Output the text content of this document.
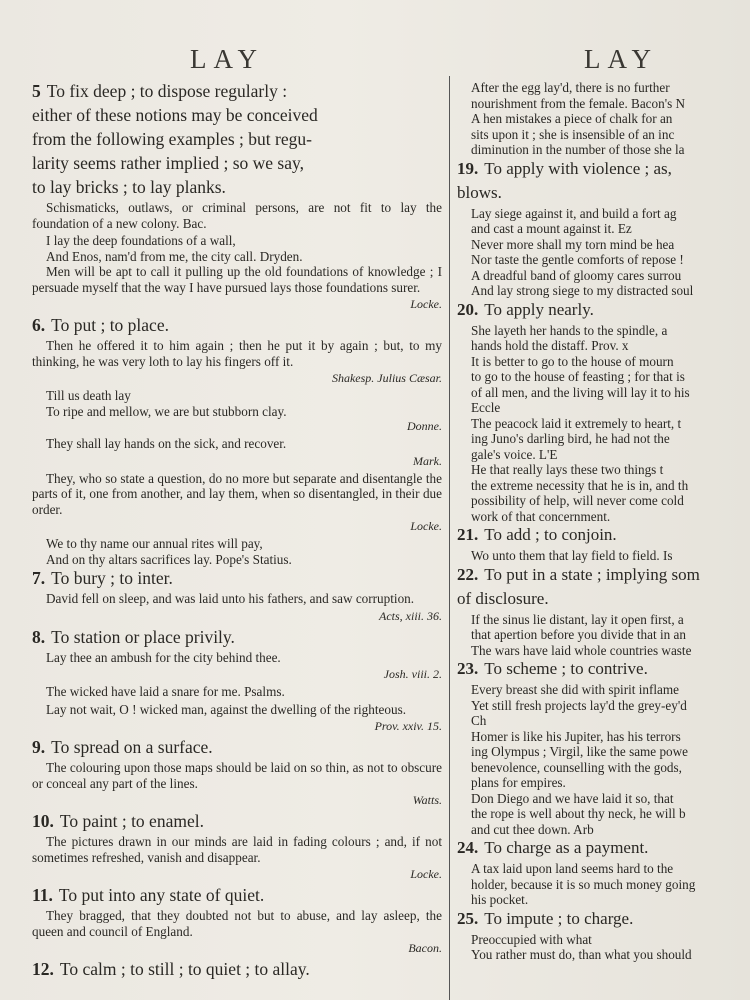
LAY	LAY

5 To fix deep ; to dispose regularly :

either of these notions may be conceived

from the following examples ; but regu-

larity seems rather implied ; so we say,

to lay bricks ; to lay planks.

Schismaticks, outlaws, or criminal persons, are not fit to lay the foundation of a new colony. Bac.

I lay the deep foundations of a wall,

And Enos, nam'd from me, the city call. Dryden.

Men will be apt to call it pulling up the old foundations of knowledge ; I persuade myself that the way I have pursued lays those foundations surer.

Locke.

6. To put ; to place.

Then he offered it to him again ; then he put it by again ; but, to my thinking, he was very loth to lay his fingers off it.

Shakesp. Julius Cæsar.

Till us death lay

To ripe and mellow, we are but stubborn clay.

Donne.

They shall lay hands on the sick, and recover.

Mark.

They, who so state a question, do no more but separate and disentangle the parts of it, one from another, and lay them, when so disentangled, in their due order.

Locke.

We to thy name our annual rites will pay,

And on thy altars sacrifices lay. Pope's Statius.

7. To bury ; to inter.

David fell on sleep, and was laid unto his fathers, and saw corruption.

Acts, xiii. 36.

8. To station or place privily.

Lay thee an ambush for the city behind thee.

Josh. viii. 2.

The wicked have laid a snare for me. Psalms.

Lay not wait, O ! wicked man, against the dwelling of the righteous.

Prov. xxiv. 15.

9. To spread on a surface.

The colouring upon those maps should be laid on so thin, as not to obscure or conceal any part of the lines.

Watts.

10. To paint ; to enamel.

The pictures drawn in our minds are laid in fading colours ; and, if not sometimes refreshed, vanish and disappear.

Locke.

11. To put into any state of quiet.

They bragged, that they doubted not but to abuse, and lay asleep, the queen and council of England.

Bacon.

12. To calm ; to still ; to quiet ; to allay.

After the egg lay'd, there is no further

nourishment from the female. Bacon's N

A hen mistakes a piece of chalk for an

sits upon it ; she is insensible of an inc

diminution in the number of those she la

19. To apply with violence ; as,

blows.

Lay siege against it, and build a fort ag

and cast a mount against it. Ez

Never more shall my torn mind be hea

Nor taste the gentle comforts of repose !

A dreadful band of gloomy cares surrou

And lay strong siege to my distracted soul

20. To apply nearly.

She layeth her hands to the spindle, a

hands hold the distaff. Prov. x

It is better to go to the house of mourn

to go to the house of feasting ; for that is

of all men, and the living will lay it to his

Eccle

The peacock laid it extremely to heart, t

ing Juno's darling bird, he had not the

gale's voice. L'E

He that really lays these two things t

the extreme necessity that he is in, and th

possibility of help, will never come cold

work of that concernment.

21. To add ; to conjoin.

Wo unto them that lay field to field. Is

22. To put in a state ; implying som

of disclosure.

If the sinus lie distant, lay it open first, a

that apertion before you divide that in an

The wars have laid whole countries waste

23. To scheme ; to contrive.

Every breast she did with spirit inflame

Yet still fresh projects lay'd the grey-ey'd

Ch

Homer is like his Jupiter, has his terrors

ing Olympus ; Virgil, like the same powe

benevolence, counselling with the gods,

plans for empires.

Don Diego and we have laid it so, that

the rope is well about thy neck, he will b

and cut thee down. Arb

24. To charge as a payment.

A tax laid upon land seems hard to the

holder, because it is so much money going

his pocket.

25. To impute ; to charge.

Preoccupied with what

You rather must do, than what you should
